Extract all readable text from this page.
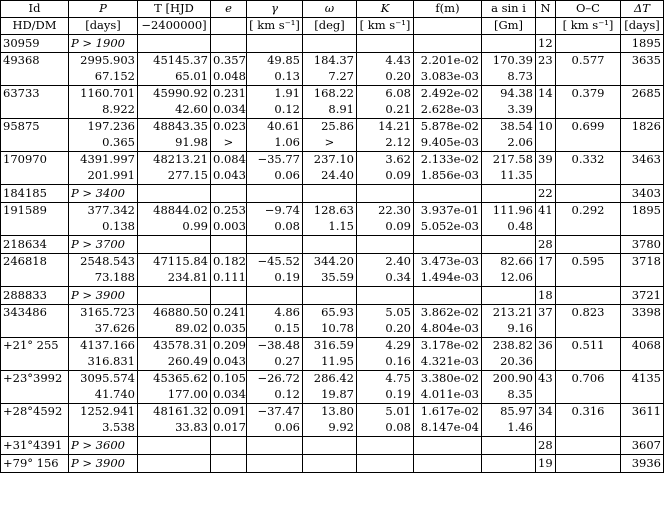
Id	P	T [HJD	e	γ	ω	K	f(m)	a sin i	N	O–C	ΔT
HD/DM	[days]	−2400000]		[ km s⁻¹]	[deg]	[ km s⁻¹]		[Gm]		[ km s⁻¹]	[days]
30959	P > 1900								12		1895
49368	2995.903	45145.37	0.357	49.85	184.37	4.43	2.201e-02	170.39	23	0.577	3635
	67.152	65.01	0.048	0.13	7.27	0.20	3.083e-03	8.73			
63733	1160.701	45990.92	0.231	1.91	168.22	6.08	2.492e-02	94.38	14	0.379	2685
	8.922	42.60	0.034	0.12	8.91	0.21	2.628e-03	3.39			
95875	197.236	48843.35	0.023	40.61	25.86	14.21	5.878e-02	38.54	10	0.699	1826
	0.365	91.98	>	1.06	>	2.12	9.405e-03	2.06			
170970	4391.997	48213.21	0.084	−35.77	237.10	3.62	2.133e-02	217.58	39	0.332	3463
	201.991	277.15	0.043	0.06	24.40	0.09	1.856e-03	11.35			
184185	P > 3400								22		3403
191589	377.342	48844.02	0.253	−9.74	128.63	22.30	3.937e-01	111.96	41	0.292	1895
	0.138	0.99	0.003	0.08	1.15	0.09	5.052e-03	0.48			
218634	P > 3700								28		3780
246818	2548.543	47115.84	0.182	−45.52	344.20	2.40	3.473e-03	82.66	17	0.595	3718
	73.188	234.81	0.111	0.19	35.59	0.34	1.494e-03	12.06			
288833	P > 3900								18		3721
343486	3165.723	46880.50	0.241	4.86	65.93	5.05	3.862e-02	213.21	37	0.823	3398
	37.626	89.02	0.035	0.15	10.78	0.20	4.804e-03	9.16			
+21° 255	4137.166	43578.31	0.209	−38.48	316.59	4.29	3.178e-02	238.82	36	0.511	4068
	316.831	260.49	0.043	0.27	11.95	0.16	4.321e-03	20.36			
+23°3992	3095.574	45365.62	0.105	−26.72	286.42	4.75	3.380e-02	200.90	43	0.706	4135
	41.740	177.00	0.034	0.12	19.87	0.19	4.011e-03	8.35			
+28°4592	1252.941	48161.32	0.091	−37.47	13.80	5.01	1.617e-02	85.97	34	0.316	3611
	3.538	33.83	0.017	0.06	9.92	0.08	8.147e-04	1.46			
+31°4391	P > 3600								28		3607
+79° 156	P > 3900								19		3936
